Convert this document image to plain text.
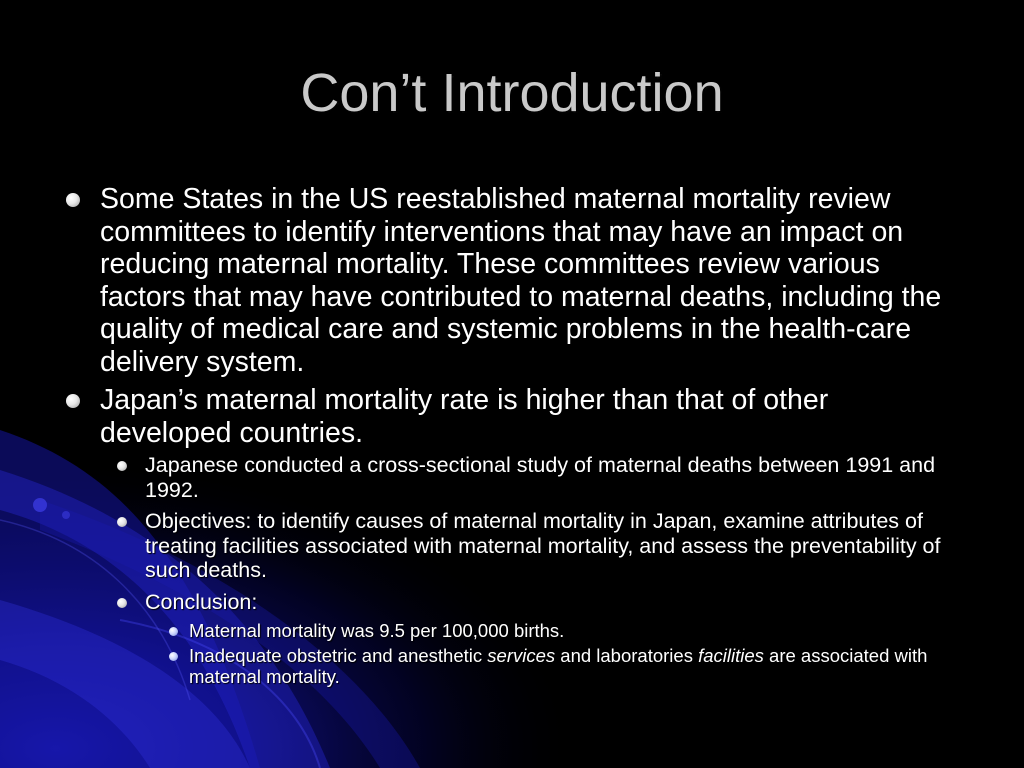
Con’t Introduction
Some States in the US reestablished maternal mortality review committees to identify interventions that may have an impact on reducing maternal mortality. These committees review various factors that may have contributed to maternal deaths, including the quality of medical care and systemic problems in the health-care delivery system.
Japan’s maternal mortality rate is higher than that of other developed countries.
Japanese conducted a cross-sectional study of maternal deaths between 1991 and 1992.
Objectives: to identify causes of maternal mortality in Japan, examine attributes of treating facilities associated with maternal mortality, and assess the preventability of such deaths.
Conclusion:
Maternal mortality was 9.5 per 100,000 births.
Inadequate obstetric and anesthetic services and laboratories facilities are associated with maternal mortality.
